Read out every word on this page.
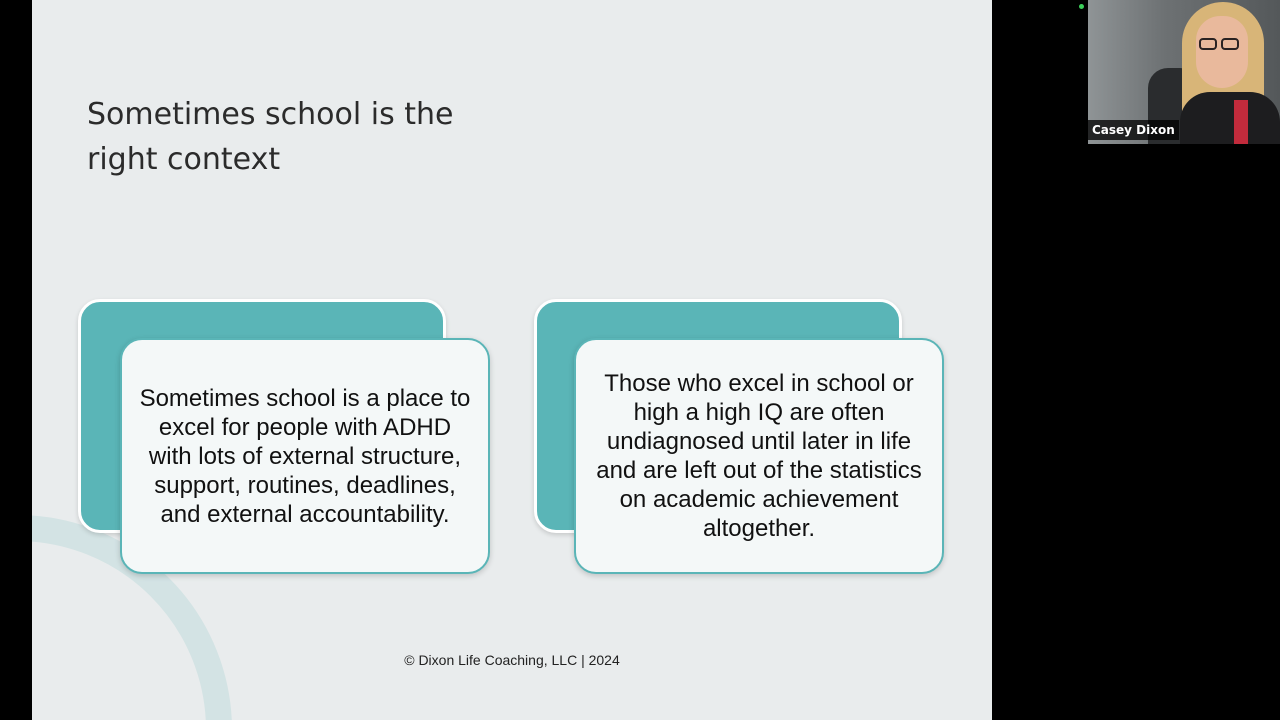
Sometimes school is the right context

Sometimes school is a place to excel for people with ADHD with lots of external structure, support, routines, deadlines, and external accountability.

Those who excel in school or high a high IQ are often undiagnosed until later in life and are left out of the statistics on academic achievement altogether.

© Dixon Life Coaching, LLC | 2024
Casey Dixon
